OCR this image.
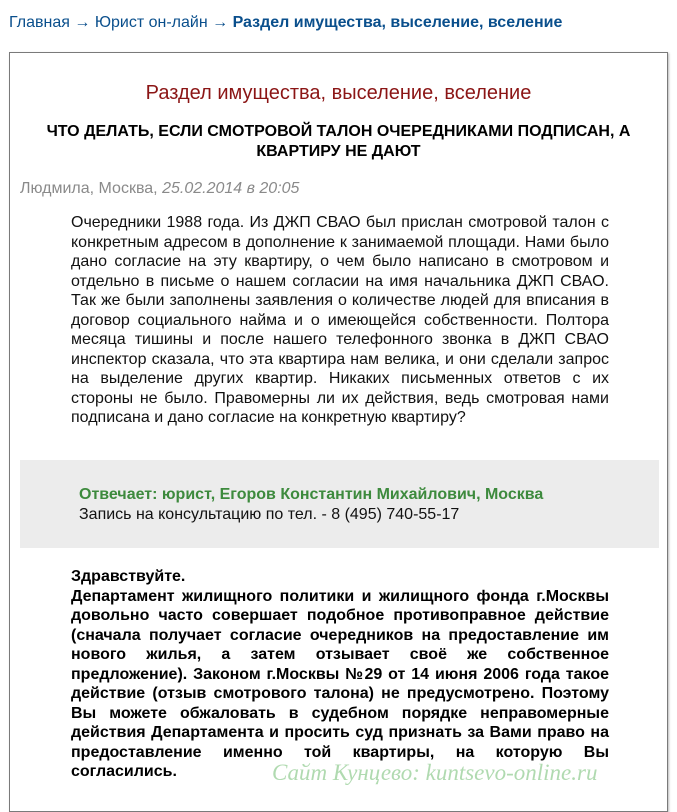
Главная → Юрист он-лайн → Раздел имущества, выселение, вселение
Раздел имущества, выселение, вселение
ЧТО ДЕЛАТЬ, ЕСЛИ СМОТРОВОЙ ТАЛОН ОЧЕРЕДНИКАМИ ПОДПИСАН, А КВАРТИРУ НЕ ДАЮТ
Людмила, Москва, 25.02.2014 в 20:05
Очередники 1988 года. Из ДЖП СВАО был прислан смотровой талон с конкретным адресом в дополнение к занимаемой площади. Нами было дано согласие на эту квартиру, о чем было написано в смотровом и отдельно в письме о нашем согласии на имя начальника ДЖП СВАО. Так же были заполнены заявления о количестве людей для вписания в договор социального найма и о имеющейся собственности. Полтора месяца тишины и после нашего телефонного звонка в ДЖП СВАО инспектор сказала, что эта квартира нам велика, и они сделали запрос на выделение других квартир. Никаких письменных ответов с их стороны не было. Правомерны ли их действия, ведь смотровая нами подписана и дано согласие на конкретную квартиру?
Отвечает: юрист, Егоров Константин Михайлович, Москва
Запись на консультацию по тел. - 8 (495) 740-55-17

Здравствуйте.

Департамент жилищного политики и жилищного фонда г.Москвы довольно часто совершает подобное противоправное действие (сначала получает согласие очередников на предоставление им нового жилья, а затем отзывает своё же собственное предложение). Законом г.Москвы №29 от 14 июня 2006 года такое действие (отзыв смотрового талона) не предусмотрено. Поэтому Вы можете обжаловать в судебном порядке неправомерные действия Департамента и просить суд признать за Вами право на предоставление именно той квартиры, на которую Вы согласились.	Сайт Кунцево: kuntsevo-online.ru
